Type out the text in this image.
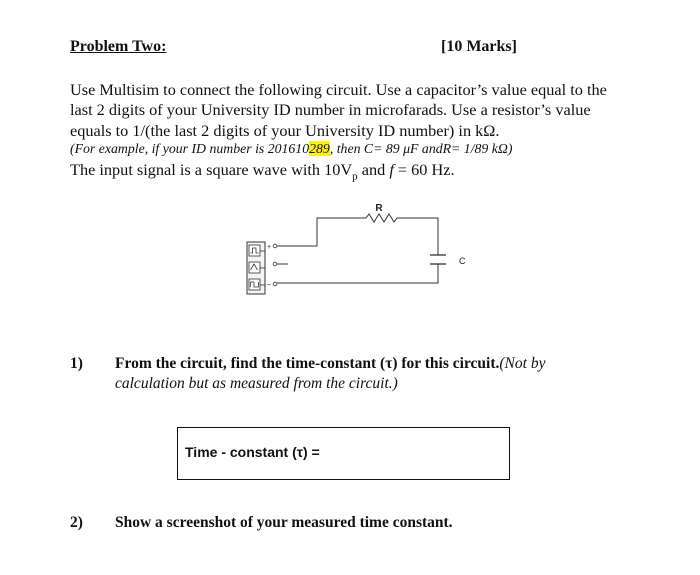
Problem Two:	[10 Marks]
Use Multisim to connect the following circuit. Use a capacitor’s value equal to the
last 2 digits of your University ID number in microfarads. Use a resistor’s value
equals to 1/(the last 2 digits of your University ID number) in kΩ.
(For example, if your ID number is 201610289, then C= 89 μF andR= 1/89 kΩ)
The input signal is a square wave with $10V_p$ and f = 60 Hz.
+
–
R
C
1) From the circuit, find the time-constant (τ) for this circuit.(Not by
calculation but as measured from the circuit.)
Time - constant (τ) =
2) Show a screenshot of your measured time constant.
